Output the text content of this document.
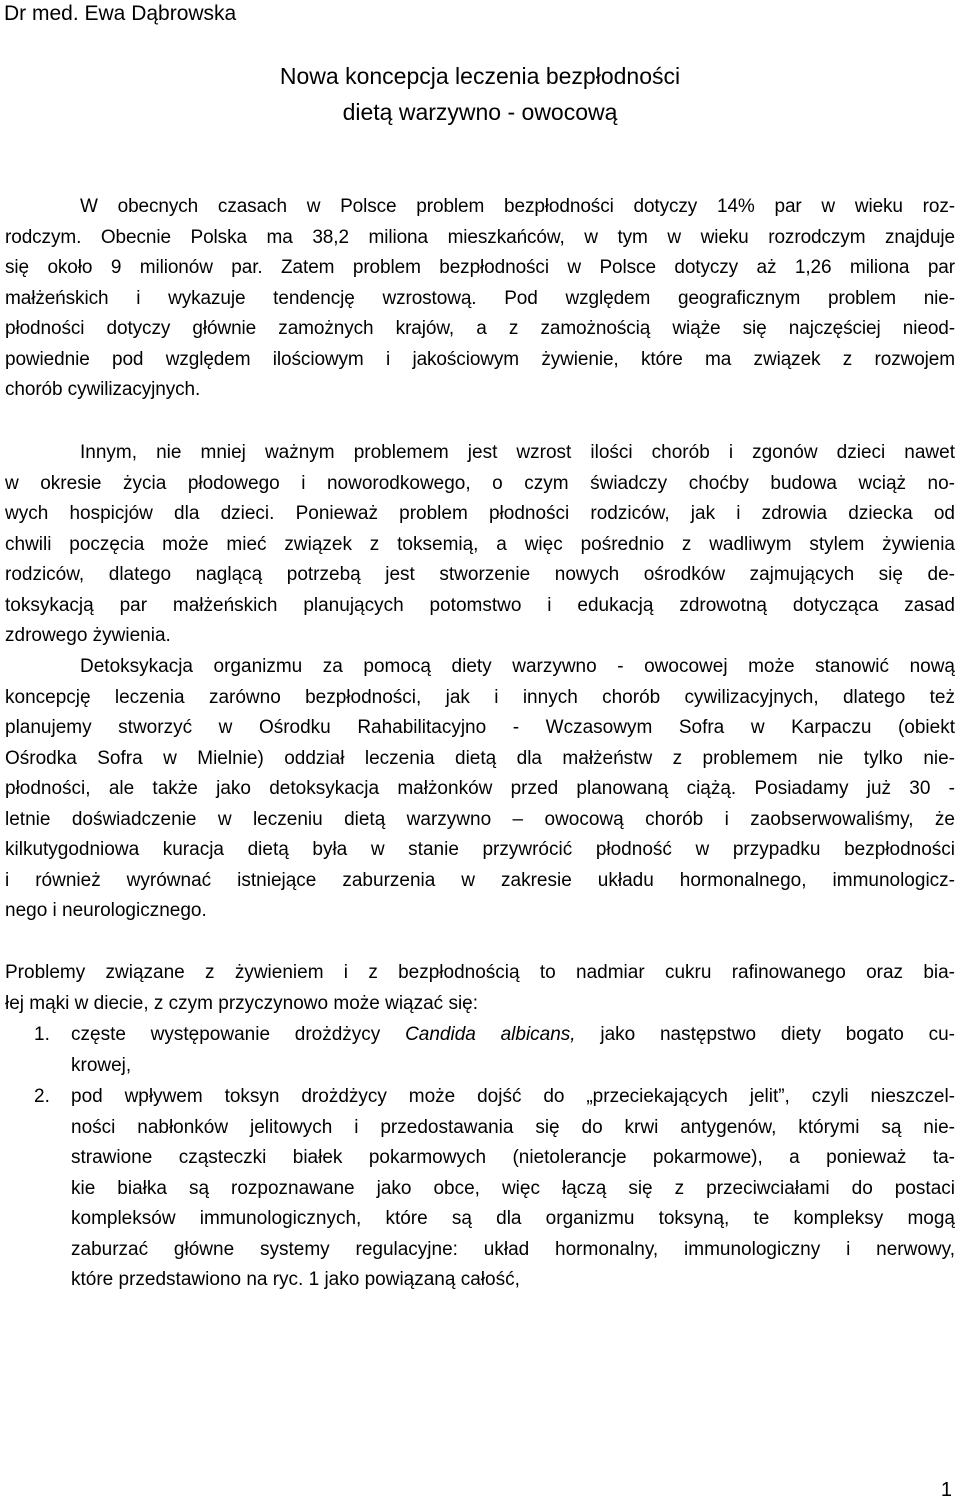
Dr med. Ewa Dąbrowska
Nowa koncepcja leczenia bezpłodności
dietą warzywno - owocową
W obecnych czasach w Polsce problem bezpłodności dotyczy 14% par w wieku roz-
rodczym. Obecnie Polska ma 38,2 miliona mieszkańców, w tym w wieku rozrodczym znajduje
się około 9 milionów par. Zatem problem bezpłodności w Polsce dotyczy aż 1,26 miliona par
małżeńskich i wykazuje tendencję wzrostową. Pod względem geograficznym problem nie-
płodności dotyczy głównie zamożnych krajów, a z zamożnością wiąże się najczęściej nieod-
powiednie pod względem ilościowym i jakościowym żywienie, które ma związek z rozwojem
chorób cywilizacyjnych.
Innym, nie mniej ważnym problemem jest wzrost ilości chorób i zgonów dzieci nawet
w okresie życia płodowego i noworodkowego, o czym świadczy choćby budowa wciąż no-
wych hospicjów dla dzieci. Ponieważ problem płodności rodziców, jak i zdrowia dziecka od
chwili poczęcia może mieć związek z toksemią, a więc pośrednio z wadliwym stylem żywienia
rodziców, dlatego naglącą potrzebą jest stworzenie nowych ośrodków zajmujących się de-
toksykacją par małżeńskich planujących potomstwo i edukacją zdrowotną dotycząca zasad
zdrowego żywienia.
Detoksykacja organizmu za pomocą diety warzywno - owocowej może stanowić nową
koncepcję leczenia zarówno bezpłodności, jak i innych chorób cywilizacyjnych, dlatego też
planujemy stworzyć w Ośrodku Rahabilitacyjno - Wczasowym Sofra w Karpaczu (obiekt
Ośrodka Sofra w Mielnie) oddział leczenia dietą dla małżeństw z problemem nie tylko nie-
płodności, ale także jako detoksykacja małżonków przed planowaną ciążą. Posiadamy już 30 -
letnie doświadczenie w leczeniu dietą warzywno – owocową chorób i zaobserwowaliśmy, że
kilkutygodniowa kuracja dietą była w stanie przywrócić płodność w przypadku bezpłodności
i również wyrównać istniejące zaburzenia w zakresie układu hormonalnego, immunologicz-
nego i neurologicznego.
Problemy związane z żywieniem i z bezpłodnością to nadmiar cukru rafinowanego oraz bia-
łej mąki w diecie, z czym przyczynowo może wiązać się:
1. częste występowanie drożdżycy Candida albicans, jako następstwo diety bogato cu-
krowej,
2. pod wpływem toksyn drożdżycy może dojść do „przeciekających jelit”, czyli nieszczel-
ności nabłonków jelitowych i przedostawania się do krwi antygenów, którymi są nie-
strawione cząsteczki białek pokarmowych (nietolerancje pokarmowe), a ponieważ ta-
kie białka są rozpoznawane jako obce, więc łączą się z przeciwciałami do postaci
kompleksów immunologicznych, które są dla organizmu toksyną, te kompleksy mogą
zaburzać główne systemy regulacyjne: układ hormonalny, immunologiczny i nerwowy,
które przedstawiono na ryc. 1 jako powiązaną całość,
1
